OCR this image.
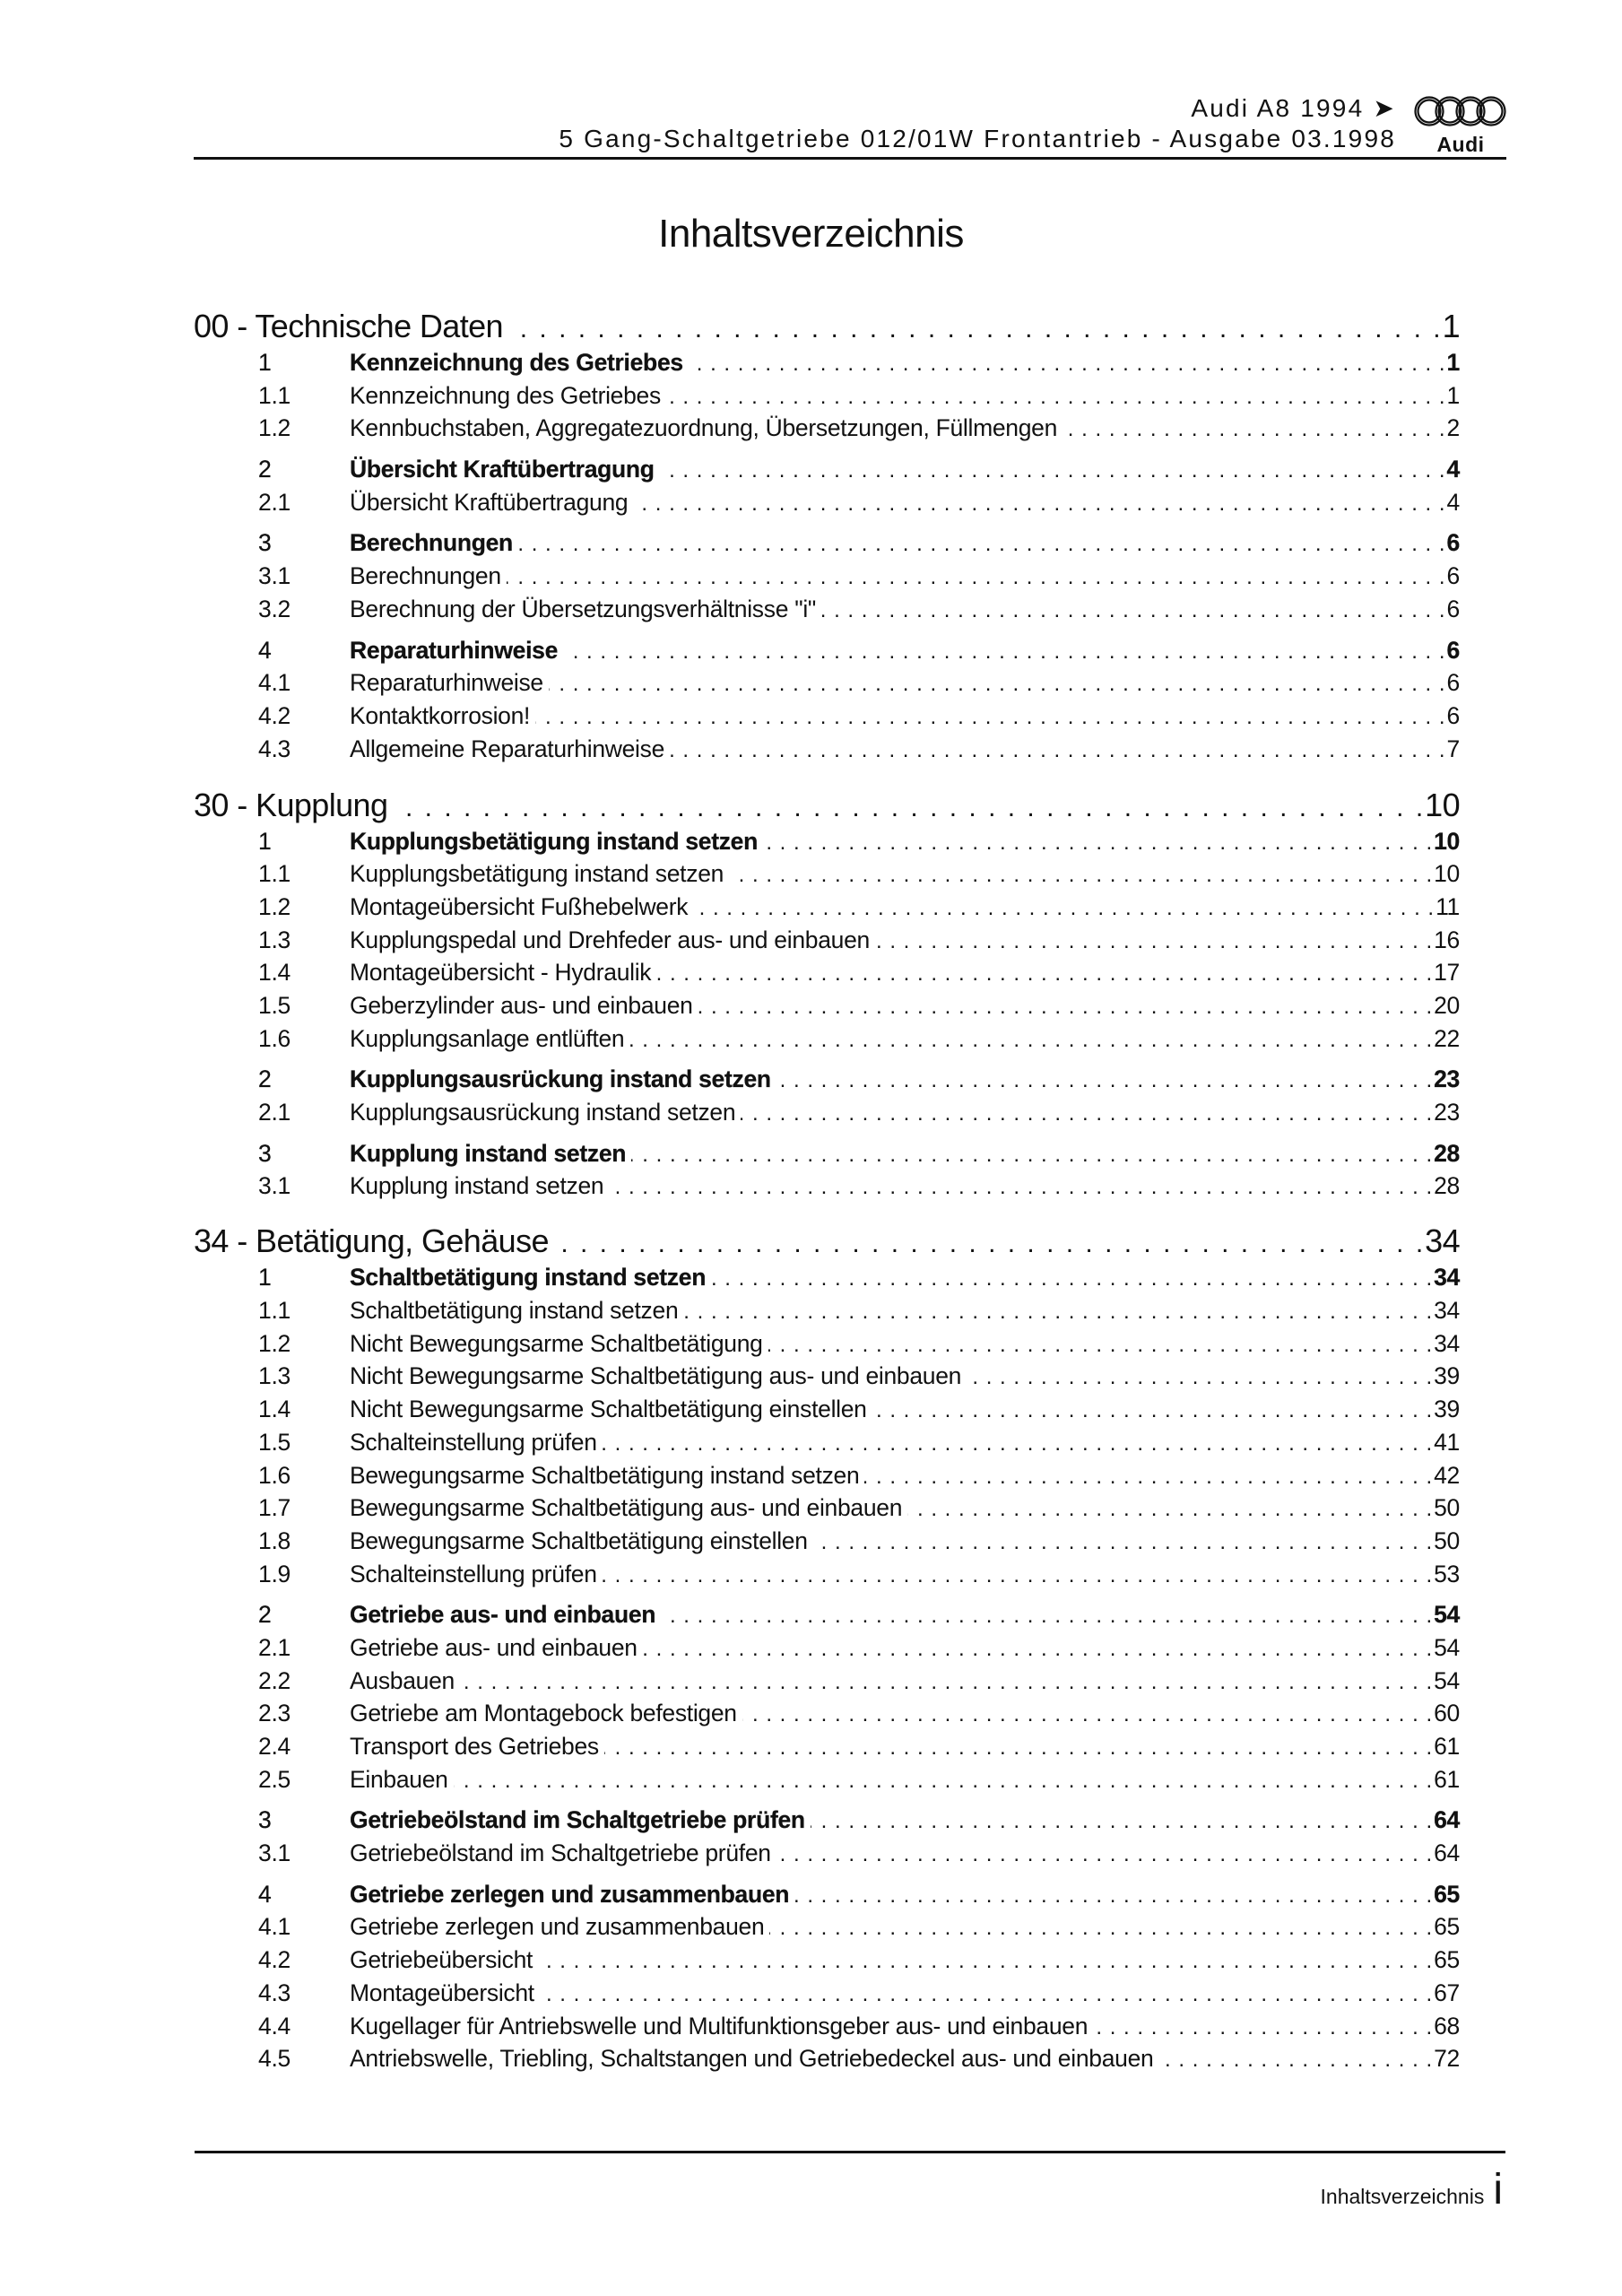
Audi A8 1994 ➤
5 Gang-Schaltgetriebe 012/01W Frontantrieb - Ausgabe 03.1998	Audi
Inhaltsverzeichnis
00 - Technische Daten . . .	1
1	Kennzeichnung des Getriebes . . .	1
1.1	Kennzeichnung des Getriebes . . .	1
1.2	Kennbuchstaben, Aggregatezuordnung, Übersetzungen, Füllmengen . . .	2
2	Übersicht Kraftübertragung . . .	4
2.1	Übersicht Kraftübertragung . . .	4
3	Berechnungen . . .	6
3.1	Berechnungen . . .	6
3.2	Berechnung der Übersetzungsverhältnisse "i" . . .	6
4	Reparaturhinweise . . .	6
4.1	Reparaturhinweise . . .	6
4.2	Kontaktkorrosion! . . .	6
4.3	Allgemeine Reparaturhinweise . . .	7
30 - Kupplung . . .	10
1	Kupplungsbetätigung instand setzen . . .	10
1.1	Kupplungsbetätigung instand setzen . . .	10
1.2	Montageübersicht Fußhebelwerk . . .	11
1.3	Kupplungspedal und Drehfeder aus- und einbauen . . .	16
1.4	Montageübersicht - Hydraulik . . .	17
1.5	Geberzylinder aus- und einbauen . . .	20
1.6	Kupplungsanlage entlüften . . .	22
2	Kupplungsausrückung instand setzen . . .	23
2.1	Kupplungsausrückung instand setzen . . .	23
3	Kupplung instand setzen . . .	28
3.1	Kupplung instand setzen . . .	28
34 - Betätigung, Gehäuse . . .	34
1	Schaltbetätigung instand setzen . . .	34
1.1	Schaltbetätigung instand setzen . . .	34
1.2	Nicht Bewegungsarme Schaltbetätigung . . .	34
1.3	Nicht Bewegungsarme Schaltbetätigung aus- und einbauen . . .	39
1.4	Nicht Bewegungsarme Schaltbetätigung einstellen . . .	39
1.5	Schalteinstellung prüfen . . .	41
1.6	Bewegungsarme Schaltbetätigung instand setzen . . .	42
1.7	Bewegungsarme Schaltbetätigung aus- und einbauen . . .	50
1.8	Bewegungsarme Schaltbetätigung einstellen . . .	50
1.9	Schalteinstellung prüfen . . .	53
2	Getriebe aus- und einbauen . . .	54
2.1	Getriebe aus- und einbauen . . .	54
2.2	Ausbauen . . .	54
2.3	Getriebe am Montagebock befestigen . . .	60
2.4	Transport des Getriebes . . .	61
2.5	Einbauen . . .	61
3	Getriebeölstand im Schaltgetriebe prüfen . . .	64
3.1	Getriebeölstand im Schaltgetriebe prüfen . . .	64
4	Getriebe zerlegen und zusammenbauen . . .	65
4.1	Getriebe zerlegen und zusammenbauen . . .	65
4.2	Getriebeübersicht . . .	65
4.3	Montageübersicht . . .	67
4.4	Kugellager für Antriebswelle und Multifunktionsgeber aus- und einbauen . . .	68
4.5	Antriebswelle, Triebling, Schaltstangen und Getriebedeckel aus- und einbauen . . .	72
Inhaltsverzeichnis i
